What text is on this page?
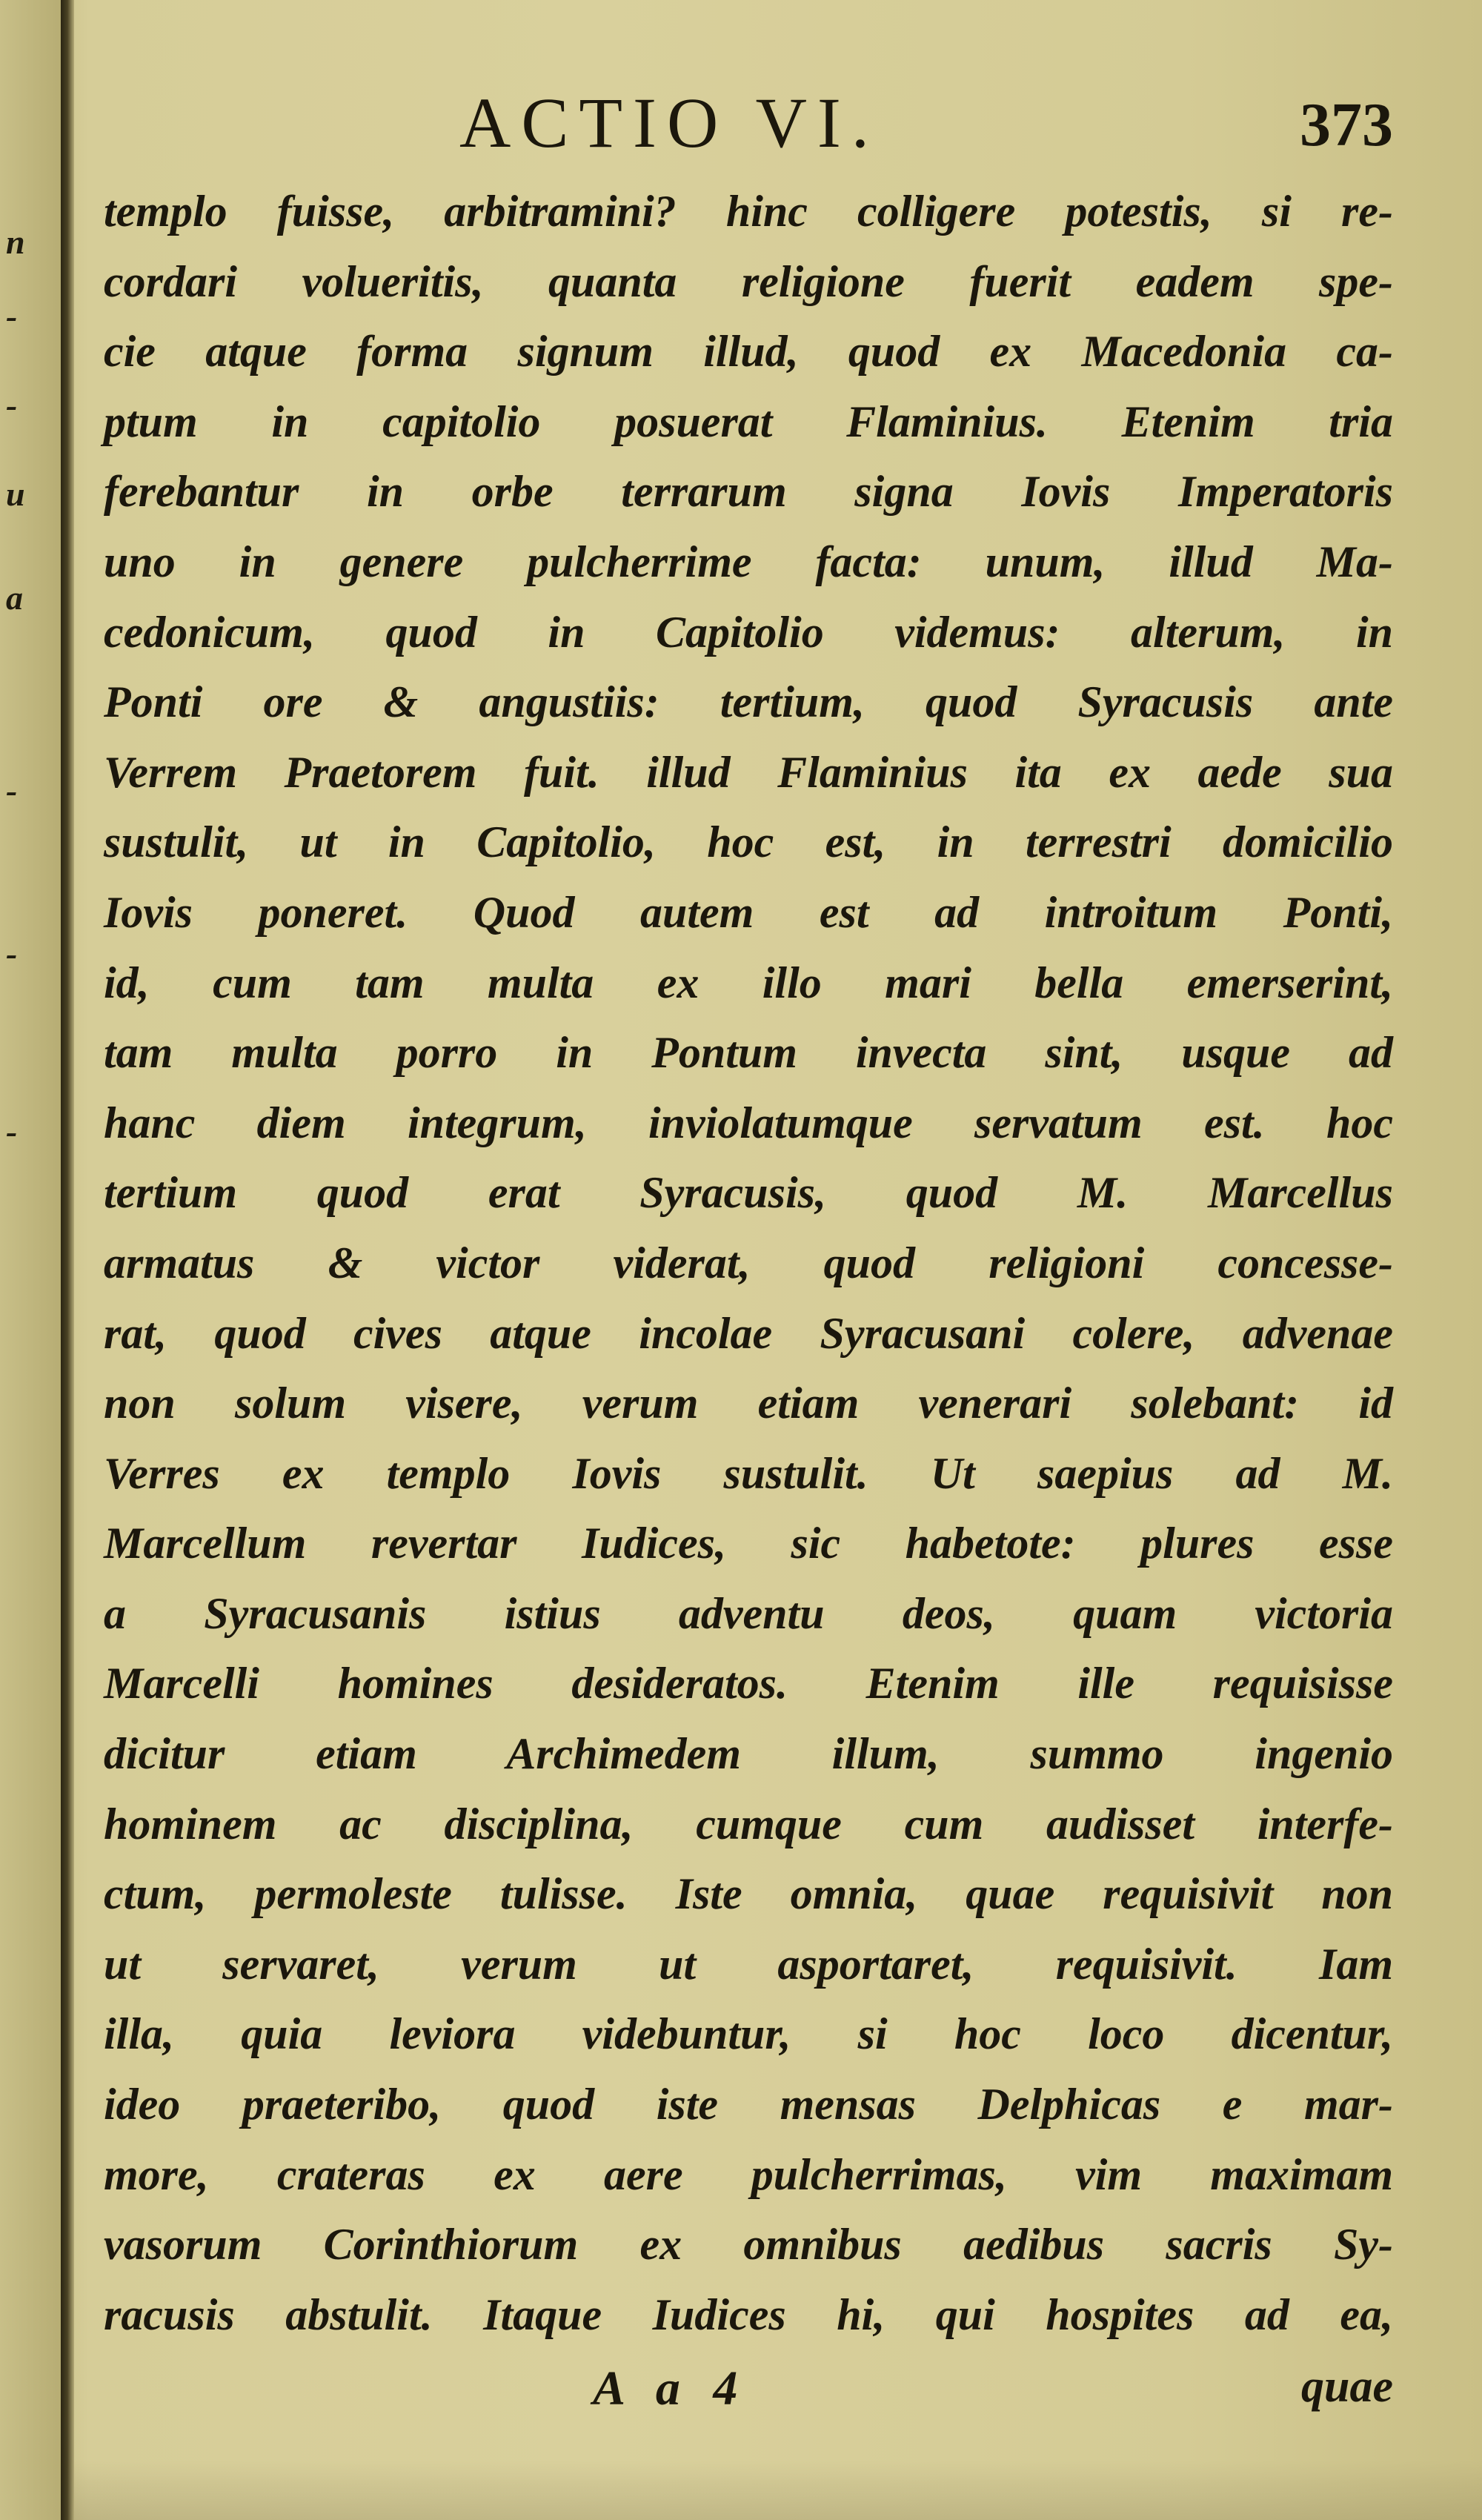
n
-
-
u
a
-
-
-
ACTIO VI.	373
templo fuisse, arbitramini? hinc colligere potestis, si re-
cordari volueritis, quanta religione fuerit eadem spe-
cie atque forma signum illud, quod ex Macedonia ca-
ptum in capitolio posuerat Flaminius. Etenim tria
ferebantur in orbe terrarum signa Iovis Imperatoris
uno in genere pulcherrime facta: unum, illud Ma-
cedonicum, quod in Capitolio videmus: alterum, in
Ponti ore & angustiis: tertium, quod Syracusis ante
Verrem Praetorem fuit. illud Flaminius ita ex aede sua
sustulit, ut in Capitolio, hoc est, in terrestri domicilio
Iovis poneret. Quod autem est ad introitum Ponti,
id, cum tam multa ex illo mari bella emerserint,
tam multa porro in Pontum invecta sint, usque ad
hanc diem integrum, inviolatumque servatum est. hoc
tertium quod erat Syracusis, quod M. Marcellus
armatus & victor viderat, quod religioni concesse-
rat, quod cives atque incolae Syracusani colere, advenae
non solum visere, verum etiam venerari solebant: id
Verres ex templo Iovis sustulit. Ut saepius ad M.
Marcellum revertar Iudices, sic habetote: plures esse
a Syracusanis istius adventu deos, quam victoria
Marcelli homines desideratos. Etenim ille requisisse
dicitur etiam Archimedem illum, summo ingenio
hominem ac disciplina, cumque cum audisset interfe-
ctum, permoleste tulisse. Iste omnia, quae requisivit non
ut servaret, verum ut asportaret, requisivit. Iam
illa, quia leviora videbuntur, si hoc loco dicentur,
ideo praeteribo, quod iste mensas Delphicas e mar-
more, crateras ex aere pulcherrimas, vim maximam
vasorum Corinthiorum ex omnibus aedibus sacris Sy-
racusis abstulit. Itaque Iudices hi, qui hospites ad ea,
A a 4	quae
